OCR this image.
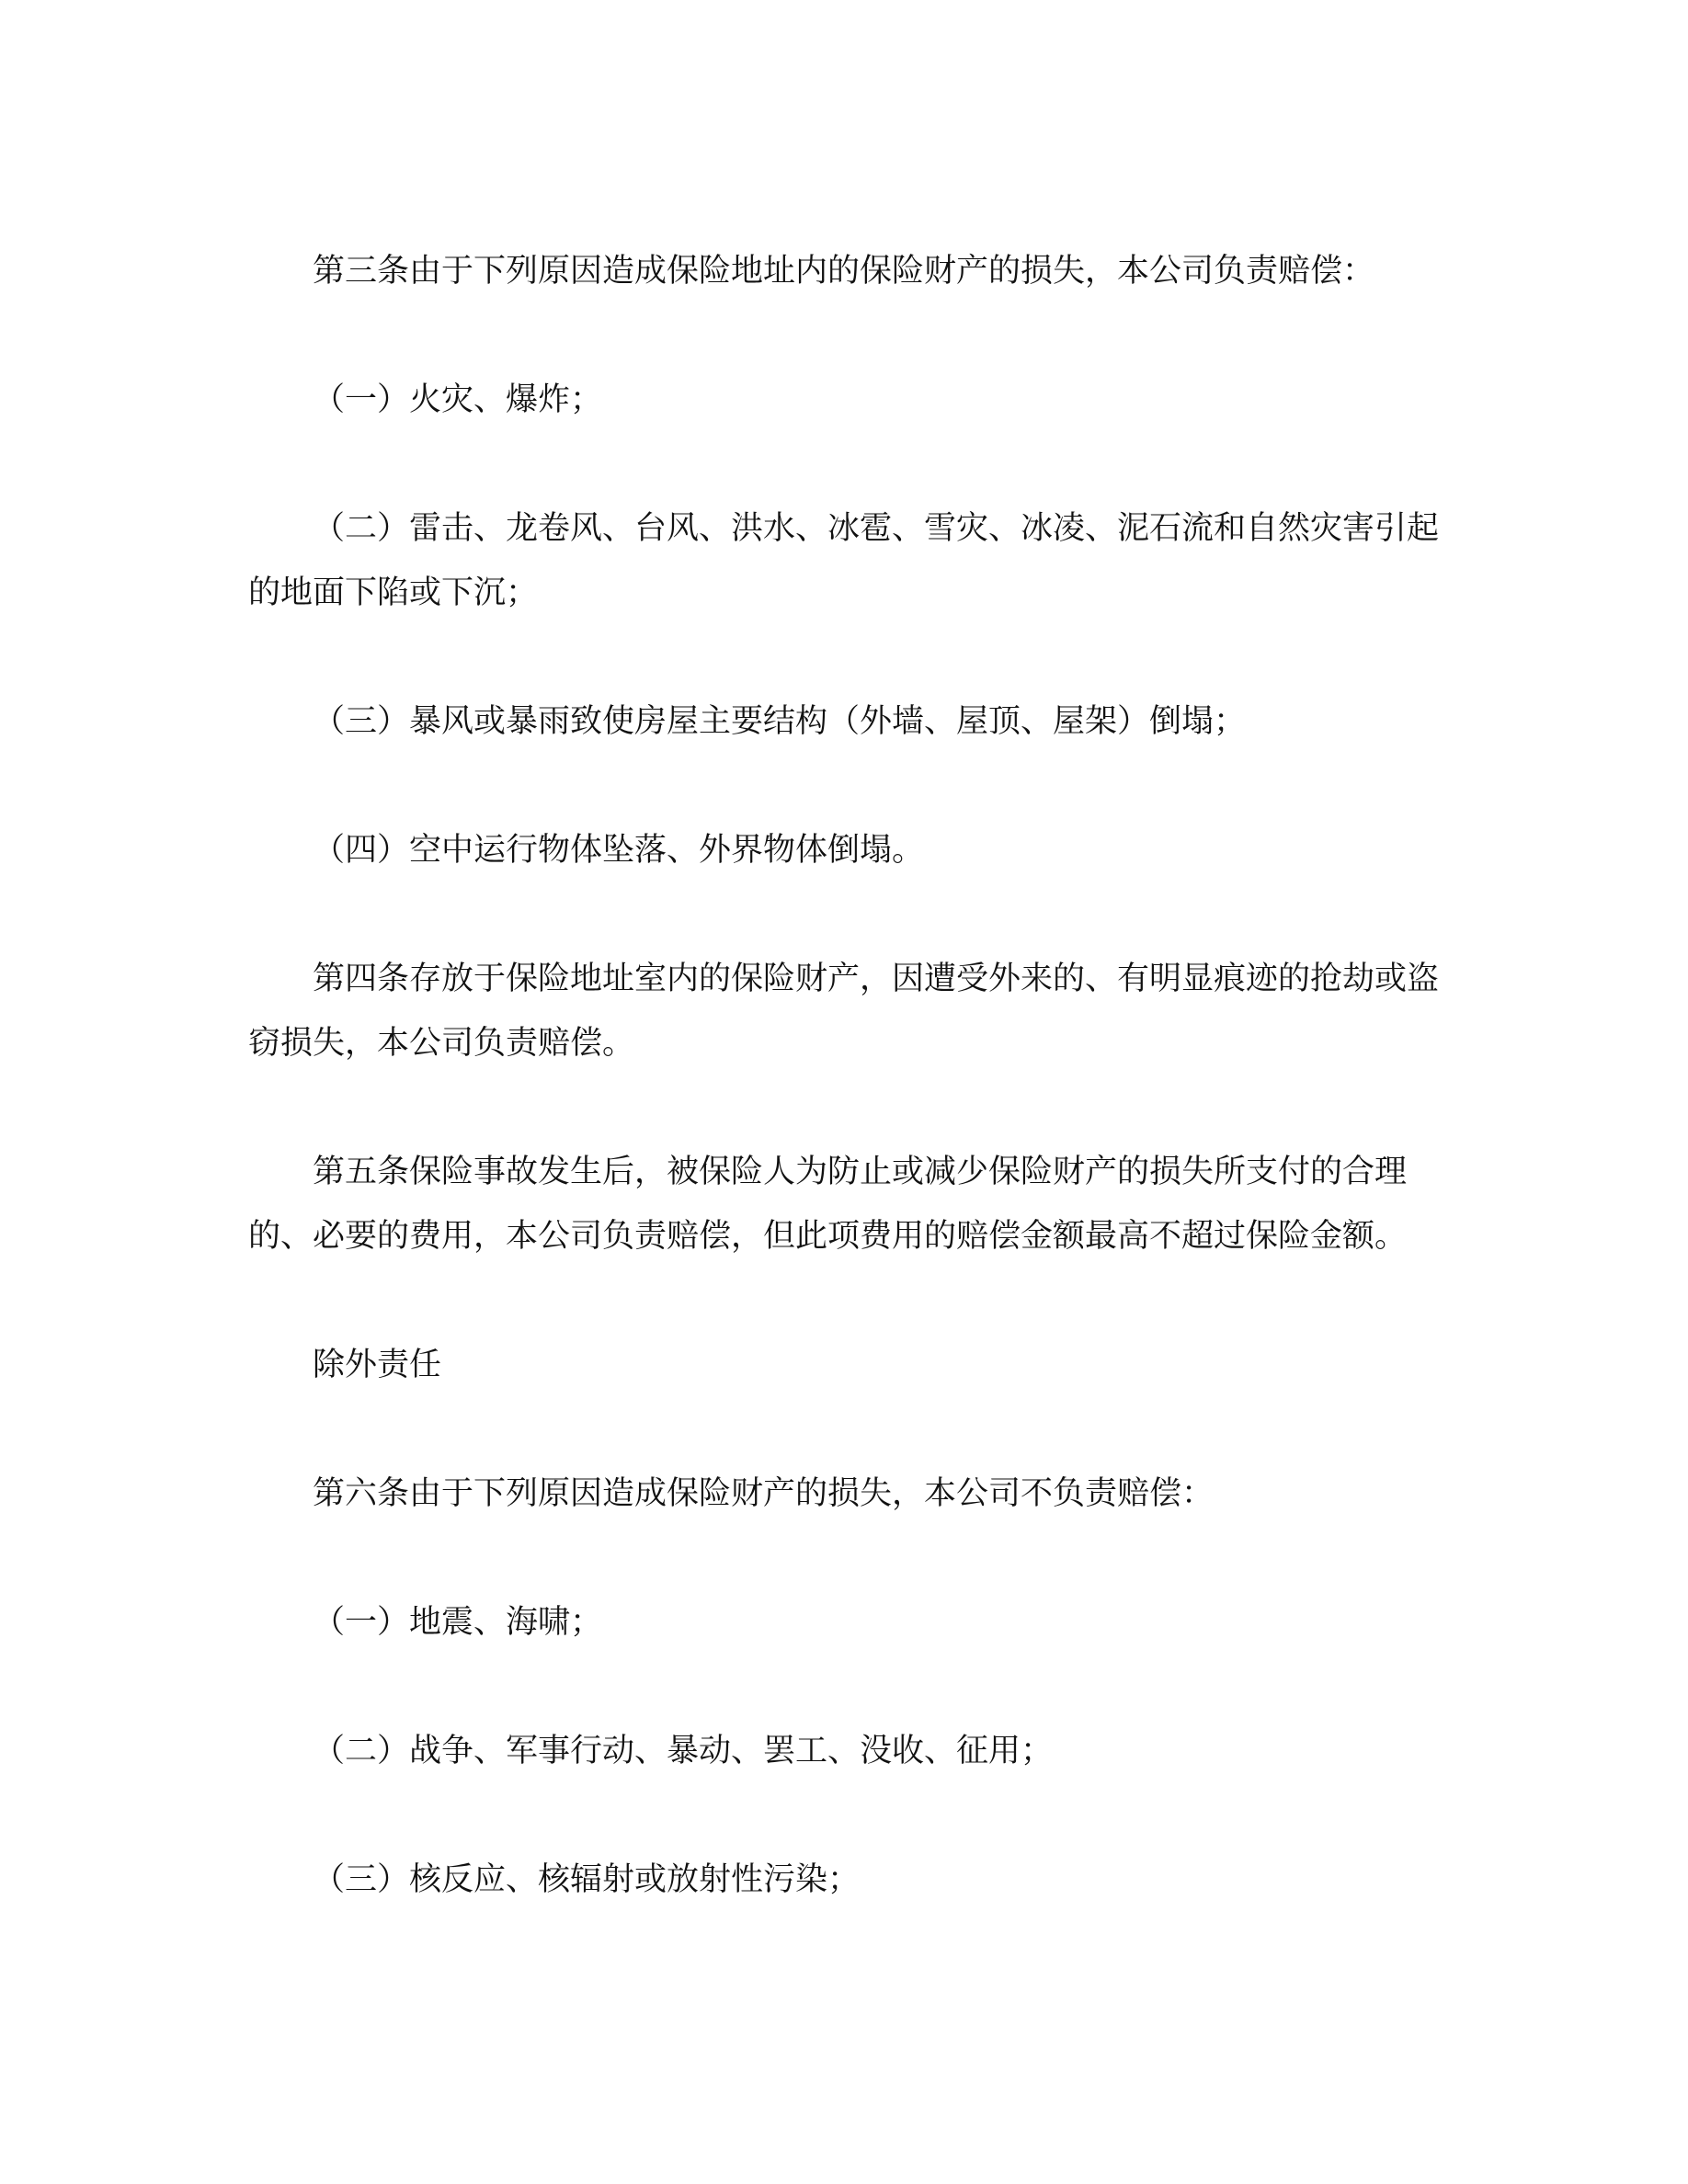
第三条由于下列原因造成保险地址内的保险财产的损失，本公司负责赔偿：

（一）火灾、爆炸；

（二）雷击、龙卷风、台风、洪水、冰雹、雪灾、冰凌、泥石流和自然灾害引起的地面下陷或下沉；

（三）暴风或暴雨致使房屋主要结构（外墙、屋顶、屋架）倒塌；

（四）空中运行物体坠落、外界物体倒塌。

第四条存放于保险地址室内的保险财产，因遭受外来的、有明显痕迹的抢劫或盗窃损失，本公司负责赔偿。

第五条保险事故发生后，被保险人为防止或减少保险财产的损失所支付的合理的、必要的费用，本公司负责赔偿，但此项费用的赔偿金额最高不超过保险金额。

除外责任

第六条由于下列原因造成保险财产的损失，本公司不负责赔偿：

（一）地震、海啸；

（二）战争、军事行动、暴动、罢工、没收、征用；

（三）核反应、核辐射或放射性污染；
